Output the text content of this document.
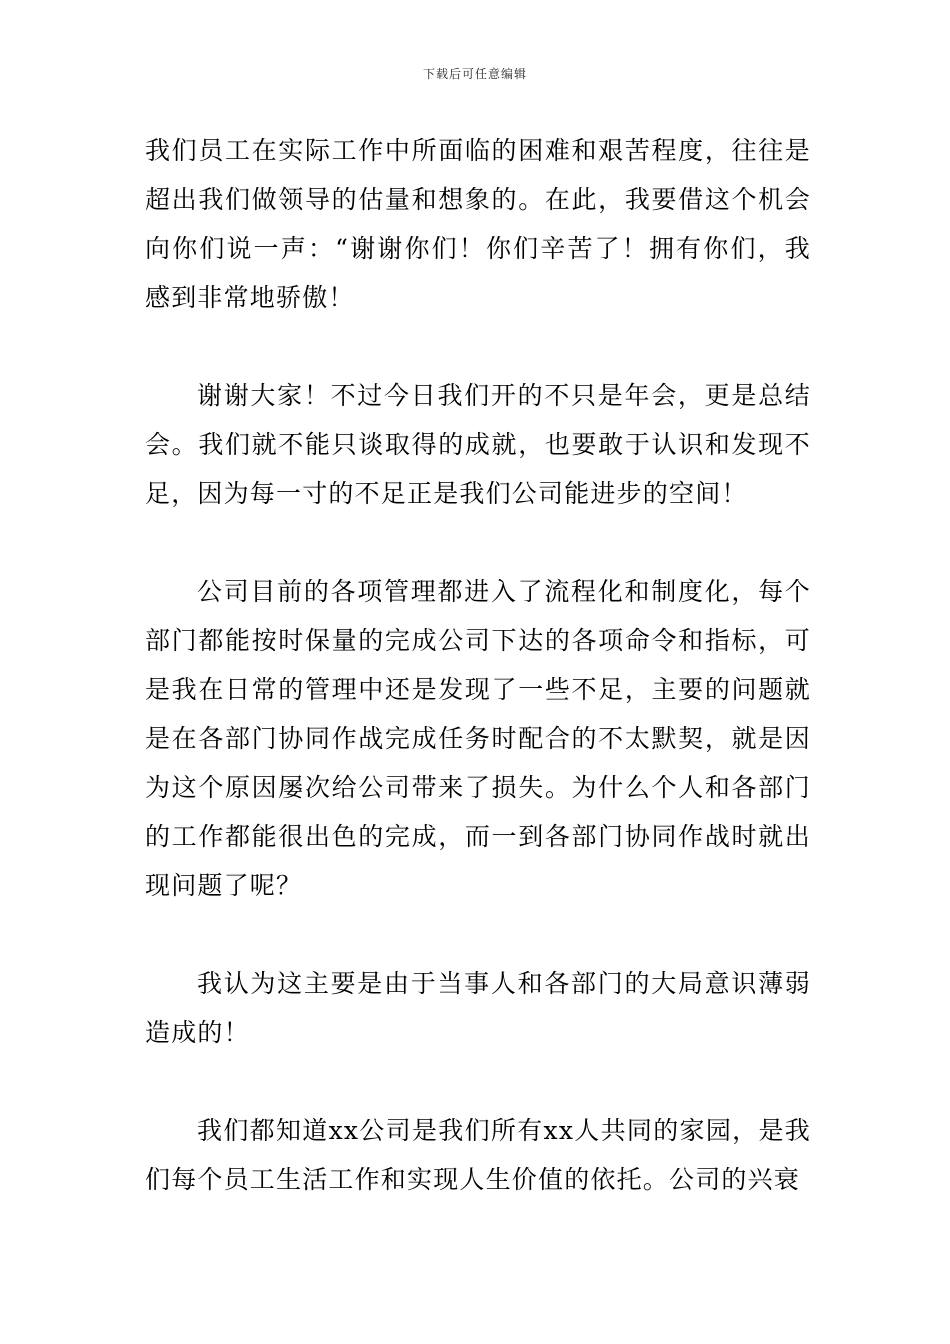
下载后可任意编辑

我们员工在实际工作中所面临的困难和艰苦程度，往往是超出我们做领导的估量和想象的。在此，我要借这个机会向你们说一声：“谢谢你们！你们辛苦了！拥有你们，我感到非常地骄傲！

谢谢大家！不过今日我们开的不只是年会，更是总结会。我们就不能只谈取得的成就，也要敢于认识和发现不足，因为每一寸的不足正是我们公司能进步的空间！

公司目前的各项管理都进入了流程化和制度化，每个部门都能按时保量的完成公司下达的各项命令和指标，可是我在日常的管理中还是发现了一些不足，主要的问题就是在各部门协同作战完成任务时配合的不太默契，就是因为这个原因屡次给公司带来了损失。为什么个人和各部门的工作都能很出色的完成，而一到各部门协同作战时就出现问题了呢？

我认为这主要是由于当事人和各部门的大局意识薄弱造成的！

我们都知道xx公司是我们所有xx人共同的家园，是我们每个员工生活工作和实现人生价值的依托。公司的兴衰
